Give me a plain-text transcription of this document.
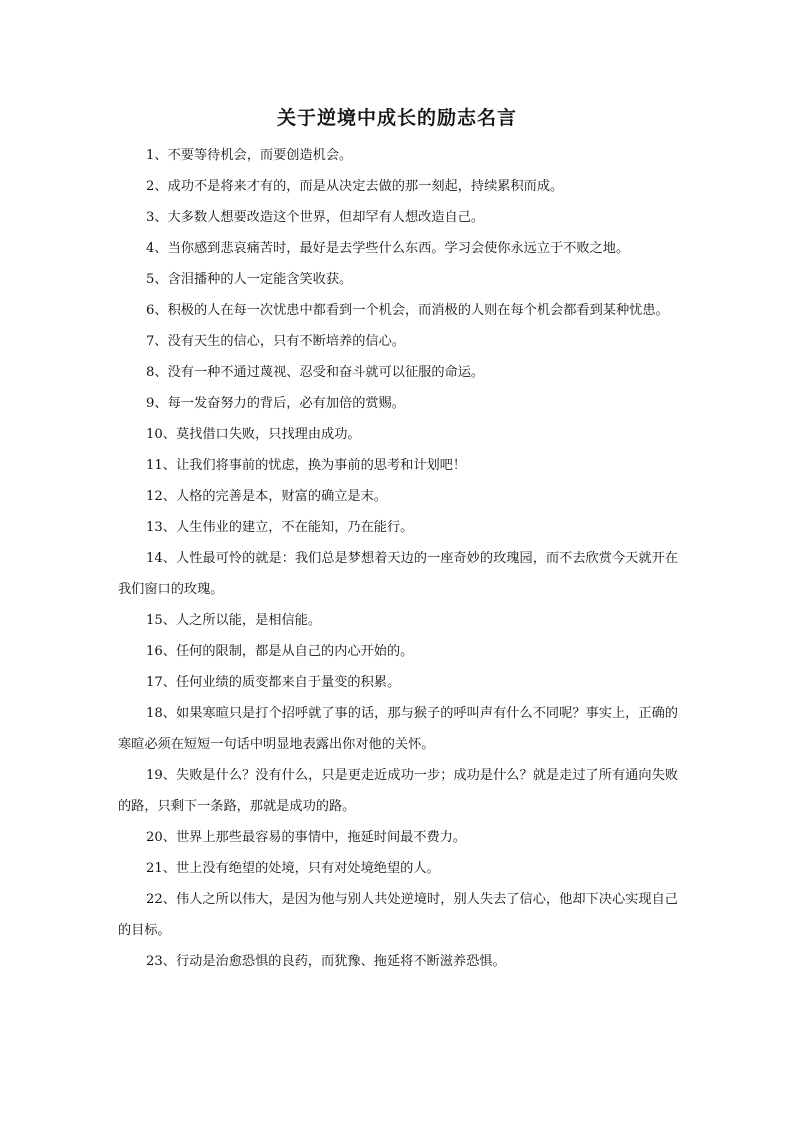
关于逆境中成长的励志名言

1、不要等待机会，而要创造机会。

2、成功不是将来才有的，而是从决定去做的那一刻起，持续累积而成。

3、大多数人想要改造这个世界，但却罕有人想改造自己。

4、当你感到悲哀痛苦时，最好是去学些什么东西。学习会使你永远立于不败之地。

5、含泪播种的人一定能含笑收获。

6、积极的人在每一次忧患中都看到一个机会，而消极的人则在每个机会都看到某种忧患。

7、没有天生的信心，只有不断培养的信心。

8、没有一种不通过蔑视、忍受和奋斗就可以征服的命运。

9、每一发奋努力的背后，必有加倍的赏赐。

10、莫找借口失败，只找理由成功。

11、让我们将事前的忧虑，换为事前的思考和计划吧！

12、人格的完善是本，财富的确立是末。

13、人生伟业的建立，不在能知，乃在能行。

14、人性最可怜的就是：我们总是梦想着天边的一座奇妙的玫瑰园，而不去欣赏今天就开在我们窗口的玫瑰。

15、人之所以能，是相信能。

16、任何的限制，都是从自己的内心开始的。

17、任何业绩的质变都来自于量变的积累。

18、如果寒暄只是打个招呼就了事的话，那与猴子的呼叫声有什么不同呢？事实上，正确的寒暄必须在短短一句话中明显地表露出你对他的关怀。

19、失败是什么？没有什么，只是更走近成功一步；成功是什么？就是走过了所有通向失败的路，只剩下一条路，那就是成功的路。

20、世界上那些最容易的事情中，拖延时间最不费力。

21、世上没有绝望的处境，只有对处境绝望的人。

22、伟人之所以伟大，是因为他与别人共处逆境时，别人失去了信心，他却下决心实现自己的目标。

23、行动是治愈恐惧的良药，而犹豫、拖延将不断滋养恐惧。
